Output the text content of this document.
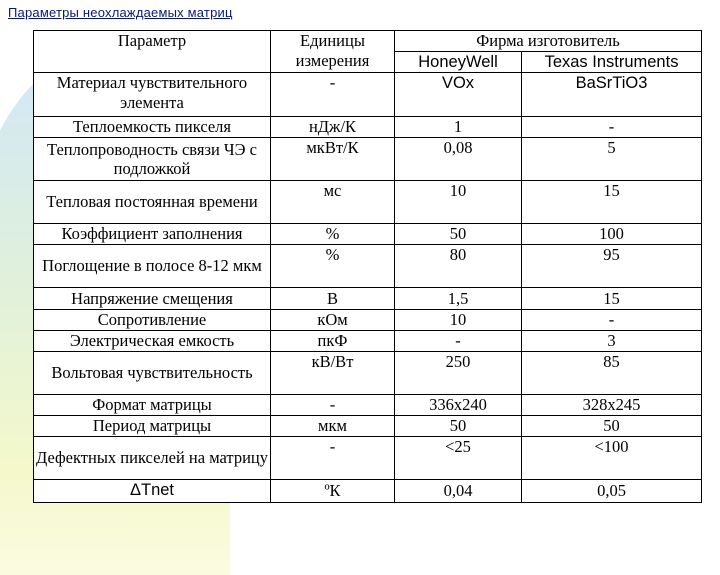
Параметры неохлаждаемых матриц
Параметр	Единицы измерения	Фирма изготовитель	
		HoneyWell	Texas Instruments
Материал чувствительного элемента	-	VOx	BaSrTiO3
Теплоемкость пикселя	нДж/К	1	-
Теплопроводность связи ЧЭ с подложкой	мкВт/К	0,08	5
Тепловая постоянная времени	мс	10	15
Коэффициент заполнения	%	50	100
Поглощение в полосе 8-12 мкм	%	80	95
Напряжение смещения	В	1,5	15
Сопротивление	кОм	10	-
Электрическая емкость	пкФ	-	3
Вольтовая чувствительность	кВ/Вт	250	85
Формат матрицы	-	336x240	328x245
Период матрицы	мкм	50	50
Дефектных пикселей на матрицу	-	<25	<100
ΔTnet	ºК	0,04	0,05
